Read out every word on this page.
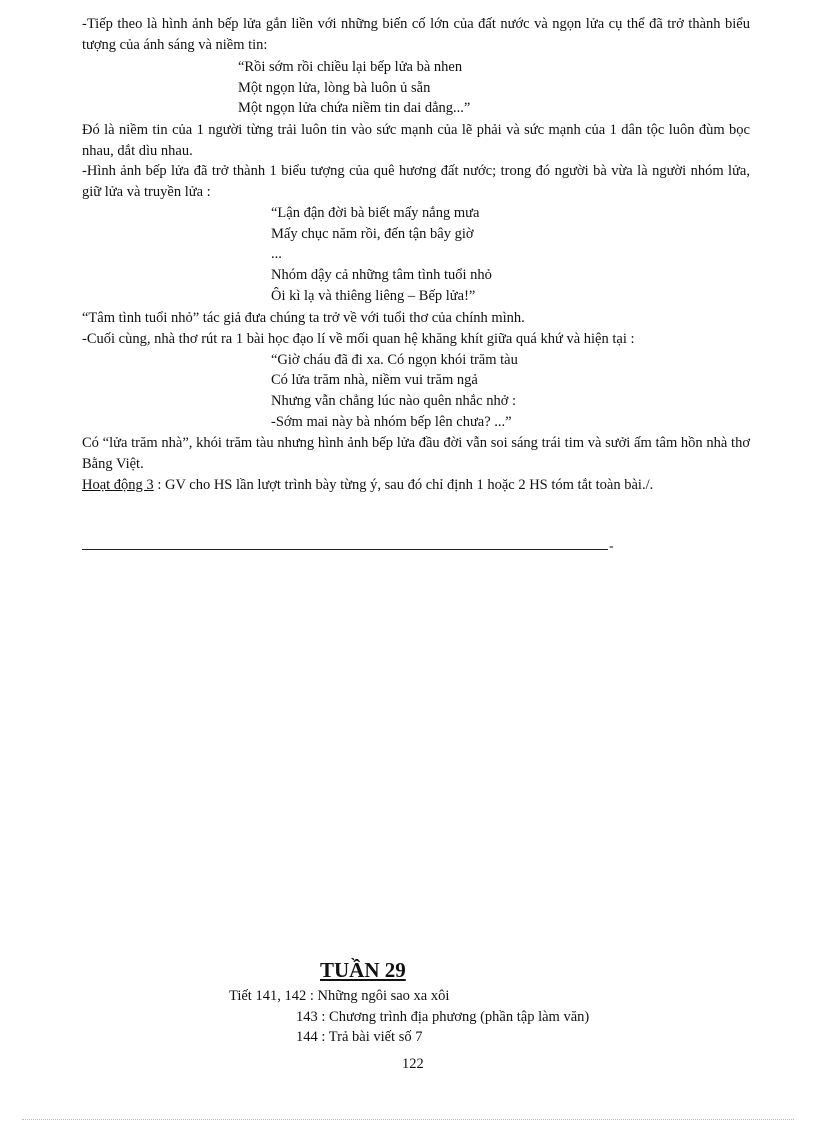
-Tiếp theo là hình ảnh bếp lửa gắn liền với những biến cố lớn của đất nước và ngọn lửa cụ thể đã trở thành biểu tượng của ánh sáng và niềm tin:
“Rồi sớm rồi chiều lại bếp lửa bà nhen
Một ngọn lửa, lòng bà luôn ủ sẵn
Một ngọn lửa chứa niềm tin dai dẳng...”
Đó là niềm tin của 1 người từng trải luôn tin vào sức mạnh của lẽ phải và sức mạnh của 1 dân tộc luôn đùm bọc nhau, dắt dìu nhau.
-Hình ảnh bếp lửa đã trở thành 1 biểu tượng của quê hương đất nước; trong đó người bà vừa là người nhóm lửa, giữ lửa và truyền lửa :
“Lận đận đời bà biết mấy nắng mưa
Mấy chục năm rồi, đến tận bây giờ
...
Nhóm dậy cả những tâm tình tuổi nhỏ
Ôi kì lạ và thiêng liêng – Bếp lửa!”
“Tâm tình tuổi nhỏ” tác giả đưa chúng ta trở về với tuổi thơ của chính mình.
-Cuối cùng, nhà thơ rút ra 1 bài học đạo lí về mối quan hệ khăng khít giữa quá khứ và hiện tại :
“Giờ cháu đã đi xa. Có ngọn khói trăm tàu
Có lửa trăm nhà, niềm vui trăm ngả
Nhưng vẫn chẳng lúc nào quên nhắc nhở :
-Sớm mai này bà nhóm bếp lên chưa? ...”
Có “lửa trăm nhà”, khói trăm tàu nhưng hình ảnh bếp lửa đầu đời vẫn soi sáng trái tim và sưởi ấm tâm hồn nhà thơ Bằng Việt.
Hoạt động 3 : GV cho HS lần lượt trình bày từng ý, sau đó chỉ định 1 hoặc 2 HS tóm tắt toàn bài./.
-
TUẦN 29
Tiết 141, 142 : Những ngôi sao xa xôi
143 : Chương trình địa phương (phần tập làm văn)
144 : Trả bài viết số 7
122
